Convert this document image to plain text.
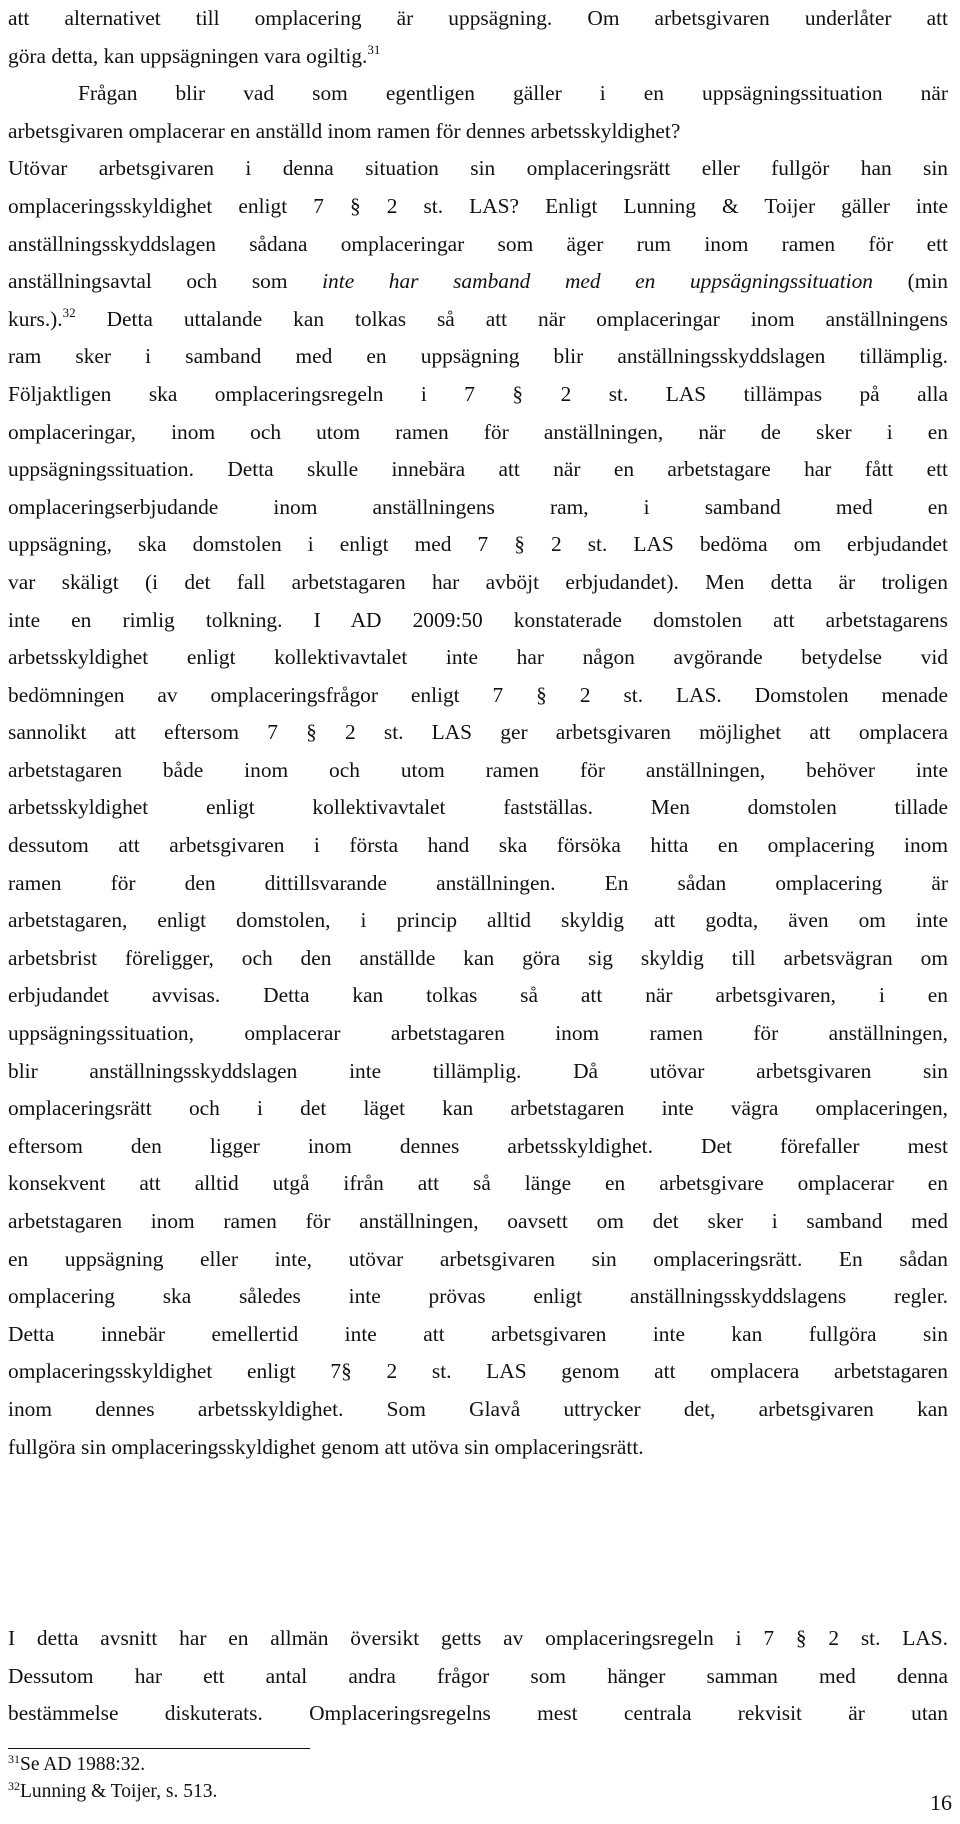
att alternativet till omplacering är uppsägning. Om arbetsgivaren underlåter att
göra detta, kan uppsägningen vara ogiltig.$^{31}$
Frågan blir vad som egentligen gäller i en uppsägningssituation när
arbetsgivaren omplacerar en anställd inom ramen för dennes arbetsskyldighet?
Utövar arbetsgivaren i denna situation sin omplaceringsrätt eller fullgör han sin
omplaceringsskyldighet enligt 7 § 2 st. LAS? Enligt Lunning & Toijer gäller inte
anställningsskyddslagen sådana omplaceringar som äger rum inom ramen för ett
anställningsavtal och som inte har samband med en uppsägningssituation (min
kurs.).$^{32}$ Detta uttalande kan tolkas så att när omplaceringar inom anställningens
ram sker i samband med en uppsägning blir anställningsskyddslagen tillämplig.
Följaktligen ska omplaceringsregeln i 7 § 2 st. LAS tillämpas på alla
omplaceringar, inom och utom ramen för anställningen, när de sker i en
uppsägningssituation. Detta skulle innebära att när en arbetstagare har fått ett
omplaceringserbjudande inom anställningens ram, i samband med en
uppsägning, ska domstolen i enligt med 7 § 2 st. LAS bedöma om erbjudandet
var skäligt (i det fall arbetstagaren har avböjt erbjudandet). Men detta är troligen
inte en rimlig tolkning. I AD 2009:50 konstaterade domstolen att arbetstagarens
arbetsskyldighet enligt kollektivavtalet inte har någon avgörande betydelse vid
bedömningen av omplaceringsfrågor enligt 7 § 2 st. LAS. Domstolen menade
sannolikt att eftersom 7 § 2 st. LAS ger arbetsgivaren möjlighet att omplacera
arbetstagaren både inom och utom ramen för anställningen, behöver inte
arbetsskyldighet enligt kollektivavtalet fastställas. Men domstolen tillade
dessutom att arbetsgivaren i första hand ska försöka hitta en omplacering inom
ramen för den dittillsvarande anställningen. En sådan omplacering är
arbetstagaren, enligt domstolen, i princip alltid skyldig att godta, även om inte
arbetsbrist föreligger, och den anställde kan göra sig skyldig till arbetsvägran om
erbjudandet avvisas. Detta kan tolkas så att när arbetsgivaren, i en
uppsägningssituation, omplacerar arbetstagaren inom ramen för anställningen,
blir anställningsskyddslagen inte tillämplig. Då utövar arbetsgivaren sin
omplaceringsrätt och i det läget kan arbetstagaren inte vägra omplaceringen,
eftersom den ligger inom dennes arbetsskyldighet. Det förefaller mest
konsekvent att alltid utgå ifrån att så länge en arbetsgivare omplacerar en
arbetstagaren inom ramen för anställningen, oavsett om det sker i samband med
en uppsägning eller inte, utövar arbetsgivaren sin omplaceringsrätt. En sådan
omplacering ska således inte prövas enligt anställningsskyddslagens regler.
Detta innebär emellertid inte att arbetsgivaren inte kan fullgöra sin
omplaceringsskyldighet enligt 7§ 2 st. LAS genom att omplacera arbetstagaren
inom dennes arbetsskyldighet. Som Glavå uttrycker det, arbetsgivaren kan
fullgöra sin omplaceringsskyldighet genom att utöva sin omplaceringsrätt.
I detta avsnitt har en allmän översikt getts av omplaceringsregeln i 7 § 2 st. LAS.
Dessutom har ett antal andra frågor som hänger samman med denna
bestämmelse diskuterats. Omplaceringsregelns mest centrala rekvisit är utan
$^{31}$Se AD 1988:32.
$^{32}$Lunning & Toijer, s. 513.	16
